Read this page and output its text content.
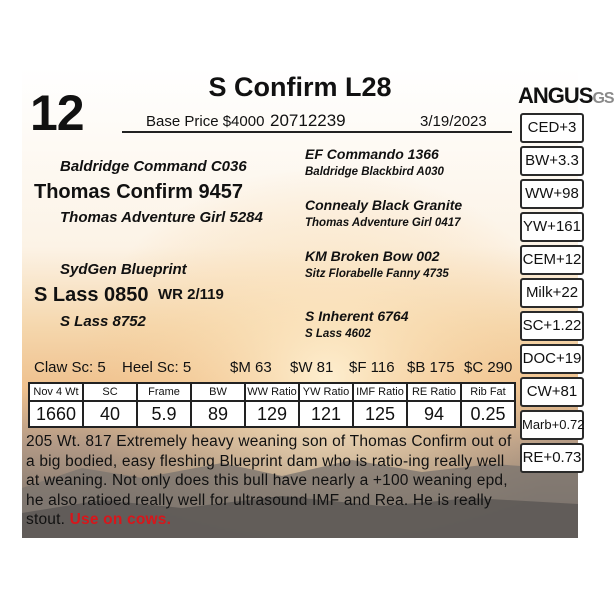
12	S Confirm L28
Base Price $4000 20712239	3/19/2023
ANGUSGS
Baldridge Command C036
Thomas Confirm 9457
Thomas Adventure Girl 5284
SydGen Blueprint
S Lass 0850 WR 2/119
S Lass 8752
EF Commando 1366
Baldridge Blackbird A030
Connealy Black Granite
Thomas Adventure Girl 0417
KM Broken Bow 002
Sitz Florabelle Fanny 4735
S Inherent 6764
S Lass 4602
Claw Sc: 5 Heel Sc: 5	$M 63 $W 81 $F 116 $B 175 $C 290
Nov 4 Wt	SC	Frame	BW	WW Ratio	YW Ratio	IMF Ratio	RE Ratio	Rib Fat
1660	40	5.9	89	129	121	125	94	0.25
CED+3
BW+3.3
WW+98
YW+161
CEM+12
Milk+22
SC+1.22
DOC+19
CW+81
Marb+0.72
RE+0.73
205 Wt. 817 Extremely heavy weaning son of Thomas Confirm out of a big bodied, easy fleshing Blueprint dam who is ratio-ing really well at weaning. Not only does this bull have nearly a +100 weaning epd, he also ratioed really well for ultrasound IMF and Rea. He is really stout. Use on cows.
